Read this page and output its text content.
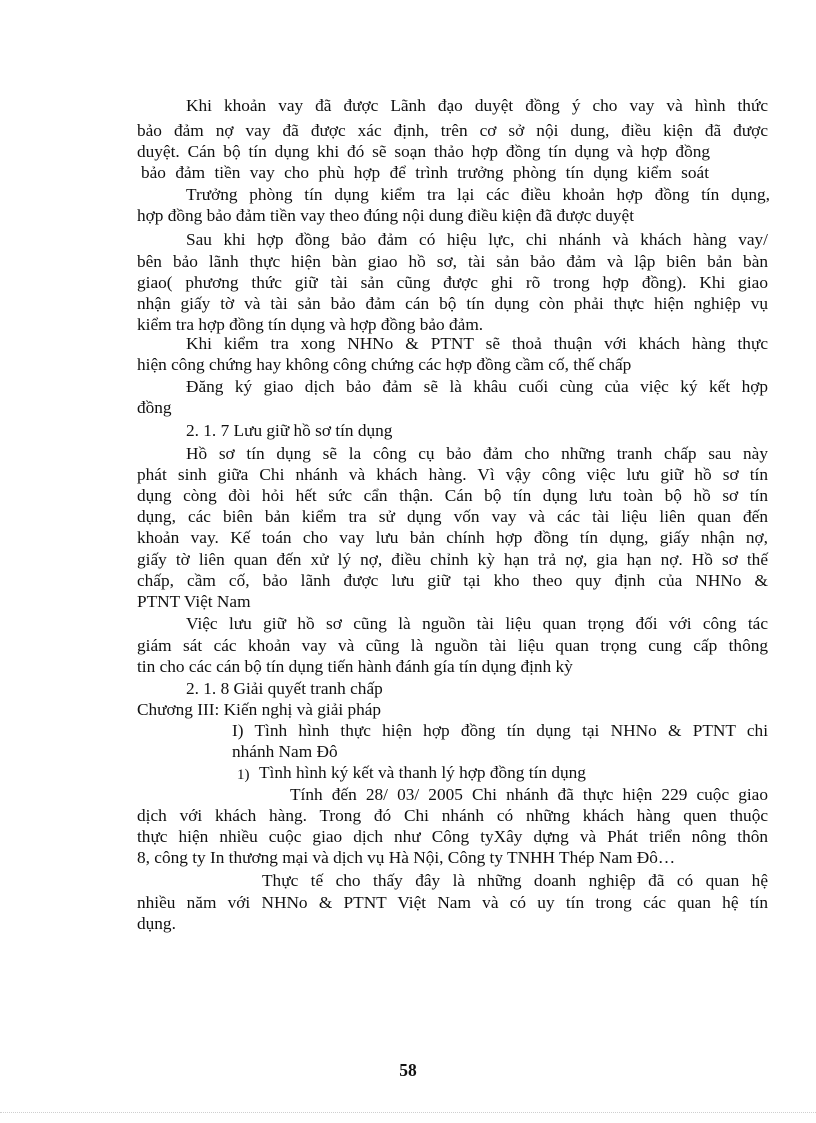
Khi khoản vay đã được Lãnh đạo duyệt đồng ý cho vay và hình thức
bảo đảm nợ vay đã được xác định, trên cơ sở nội dung, điều kiện đã được
duyệt. Cán bộ tín dụng khi đó sẽ soạn thảo hợp đồng tín dụng và hợp đồng
bảo đảm tiền vay cho phù hợp để trình trưởng phòng tín dụng kiểm soát
Trưởng phòng tín dụng kiểm tra lại các điều khoản hợp đồng tín dụng,
hợp đồng bảo đảm tiền vay theo đúng nội dung điều kiện đã được duyệt
Sau khi hợp đồng bảo đảm có hiệu lực, chi nhánh và khách hàng vay/
bên bảo lãnh thực hiện bàn giao hồ sơ, tài sản bảo đảm và lập biên bản bàn
giao( phương thức giữ tài sản cũng được ghi rõ trong hợp đồng). Khi giao
nhận giấy tờ và tài sản bảo đảm cán bộ tín dụng còn phải thực hiện nghiệp vụ
kiểm tra hợp đồng tín dụng và hợp đồng bảo đảm.
Khi kiểm tra xong NHNo & PTNT sẽ thoả thuận với khách hàng thực
hiện công chứng hay không công chứng các hợp đồng cầm cố, thế chấp
Đăng ký giao dịch bảo đảm sẽ là khâu cuối cùng của việc ký kết hợp
đồng
2. 1. 7 Lưu giữ hồ sơ tín dụng
Hồ sơ tín dụng sẽ la công cụ bảo đảm cho những tranh chấp sau này
phát sinh giữa Chi nhánh và khách hàng. Vì vậy công việc lưu giữ hồ sơ tín
dụng còng đòi hỏi hết sức cẩn thận. Cán bộ tín dụng lưu toàn bộ hồ sơ tín
dụng, các biên bản kiểm tra sử dụng vốn vay và các tài liệu liên quan đến
khoản vay. Kế toán cho vay lưu bản chính hợp đồng tín dụng, giấy nhận nợ,
giấy tờ liên quan đến xử lý nợ, điều chỉnh kỳ hạn trả nợ, gia hạn nợ. Hồ sơ thế
chấp, cầm cố, bảo lãnh được lưu giữ tại kho theo quy định của NHNo &
PTNT Việt Nam
Việc lưu giữ hồ sơ cũng là nguồn tài liệu quan trọng đối với công tác
giám sát các khoản vay và cũng là nguồn tài liệu quan trọng cung cấp thông
tin cho các cán bộ tín dụng tiến hành đánh gía tín dụng định kỳ
2. 1. 8 Giải quyết tranh chấp
Chương III: Kiến nghị và giải pháp
I) Tình hình thực hiện hợp đồng tín dụng tại NHNo & PTNT chi
nhánh Nam Đô
1) Tình hình ký kết và thanh lý hợp đồng tín dụng
Tính đến 28/ 03/ 2005 Chi nhánh đã thực hiện 229 cuộc giao
dịch với khách hàng. Trong đó Chi nhánh có những khách hàng quen thuộc
thực hiện nhiều cuộc giao dịch như Công tyXây dựng và Phát triển nông thôn
8, công ty In thương mại và dịch vụ Hà Nội, Công ty TNHH Thép Nam Đô…
Thực tế cho thấy đây là những doanh nghiệp đã có quan hệ
nhiều năm với NHNo & PTNT Việt Nam và có uy tín trong các quan hệ tín
dụng.
58
